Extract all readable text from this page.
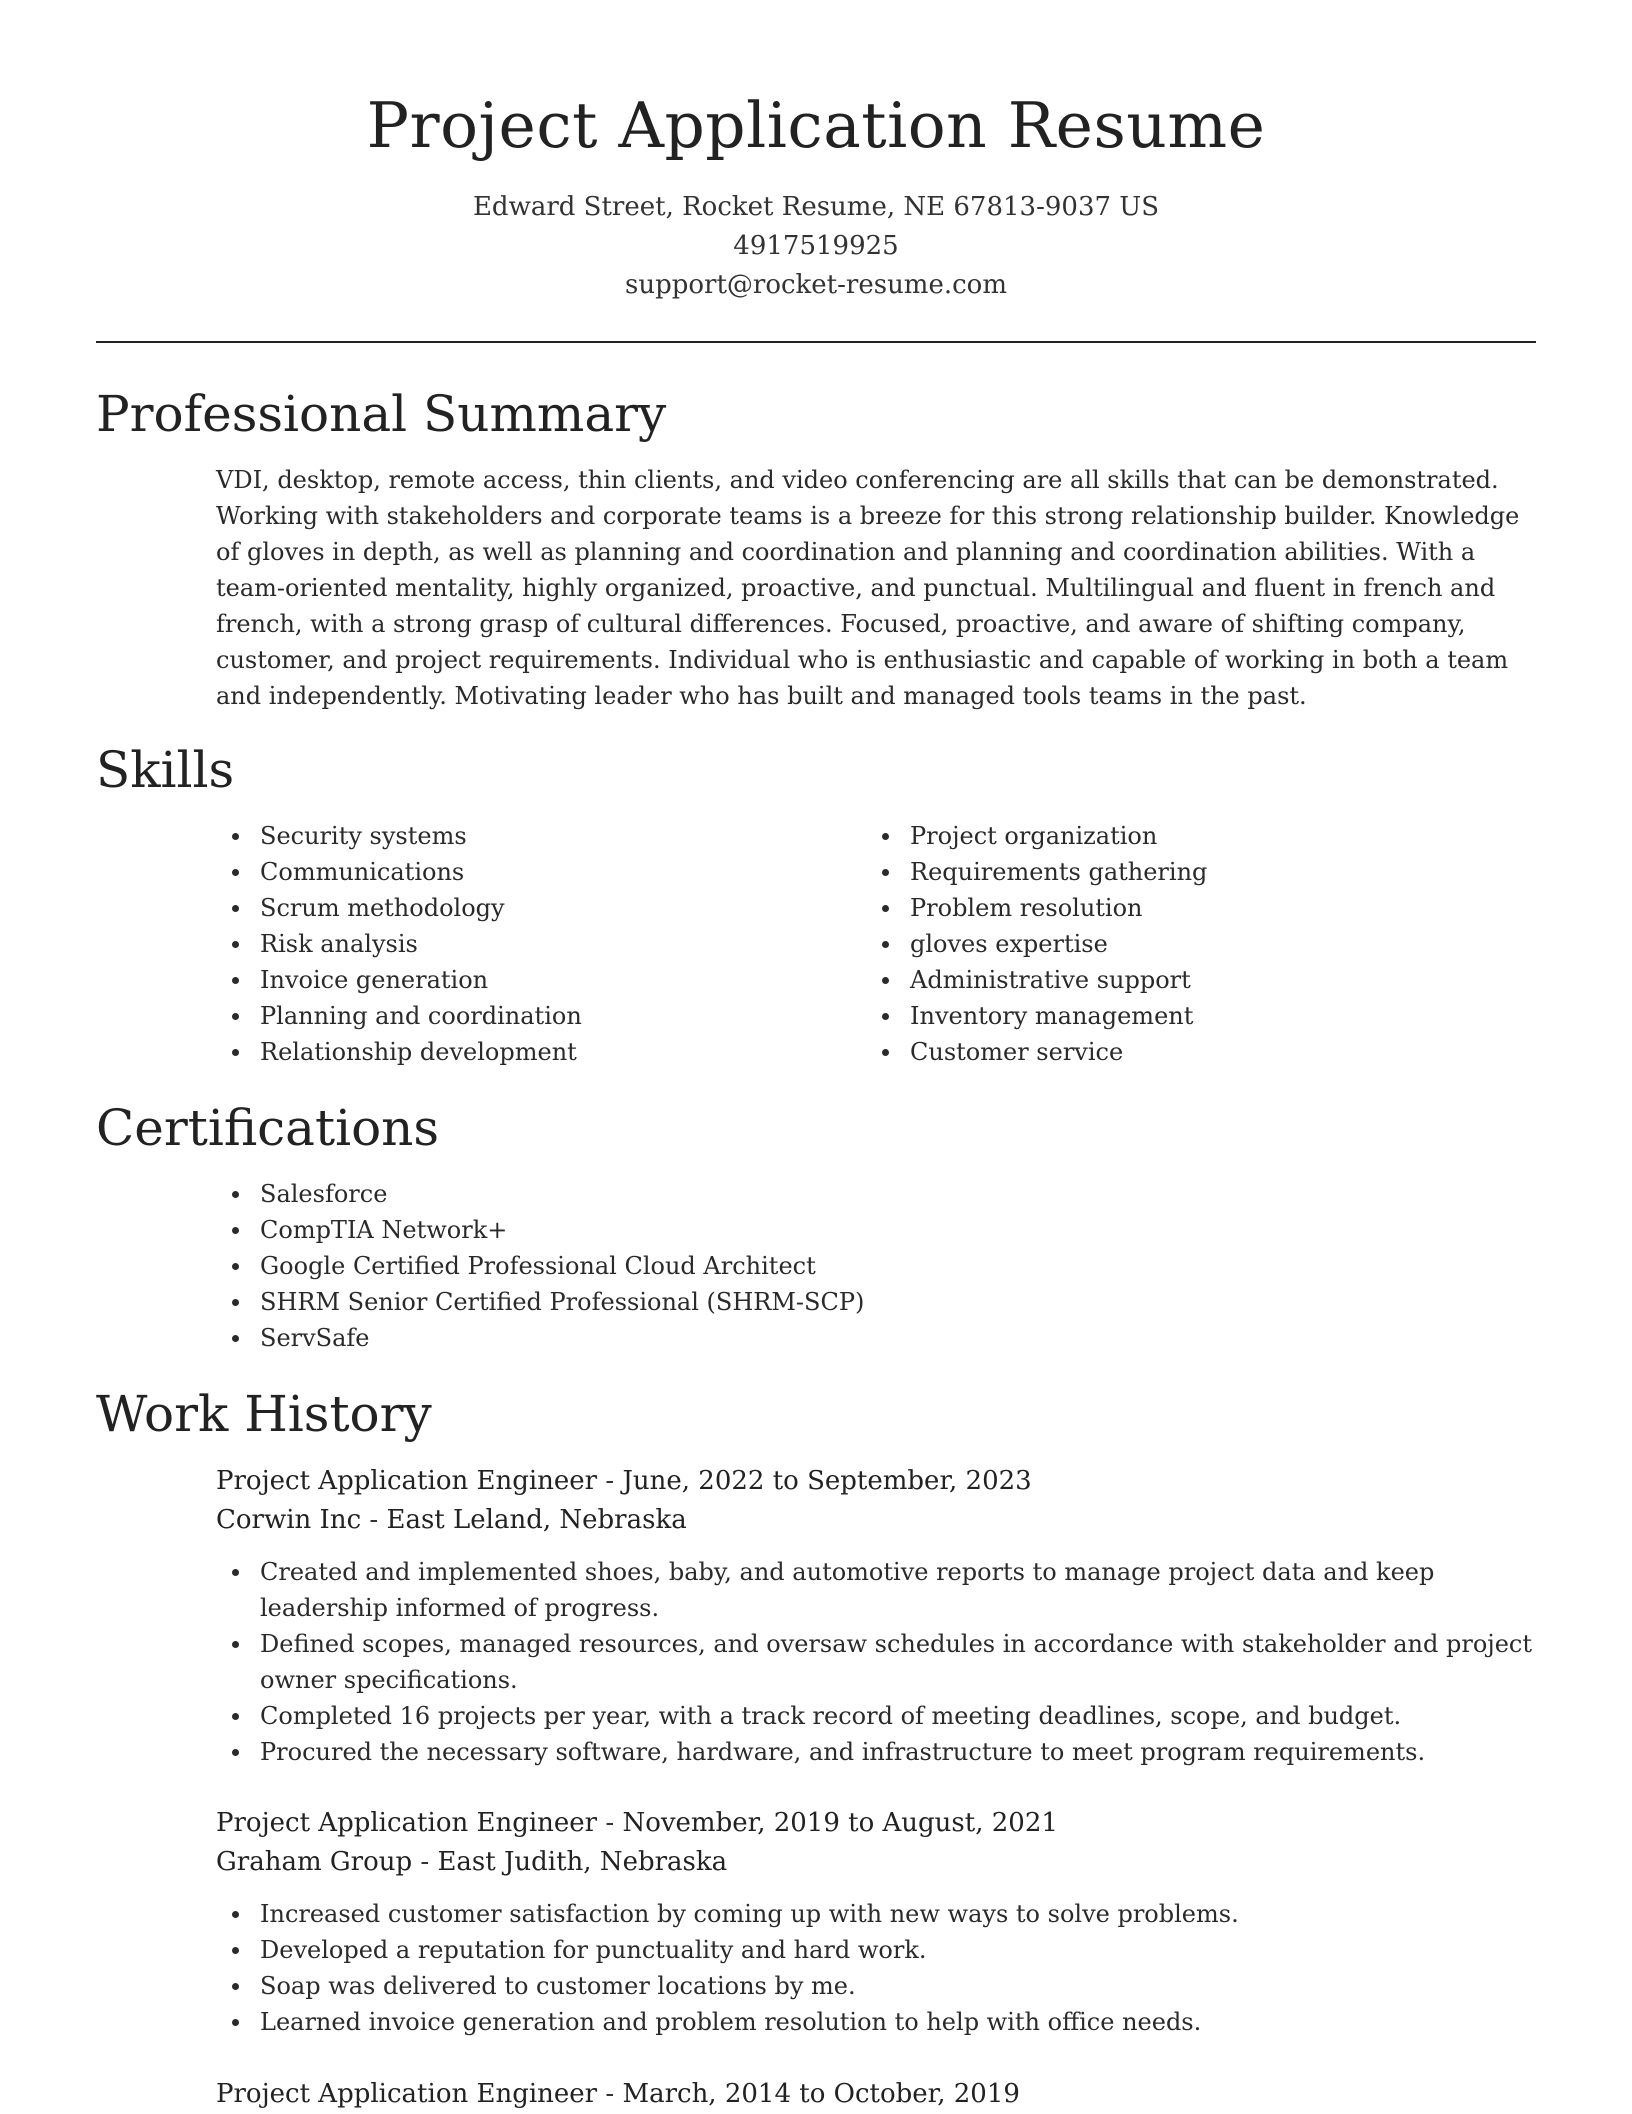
Project Application Resume
Edward Street, Rocket Resume, NE 67813-9037 US
4917519925
support@rocket-resume.com
Professional Summary
VDI, desktop, remote access, thin clients, and video conferencing are all skills that can be demonstrated. Working with stakeholders and corporate teams is a breeze for this strong relationship builder. Knowledge of gloves in depth, as well as planning and coordination and planning and coordination abilities. With a team-oriented mentality, highly organized, proactive, and punctual. Multilingual and fluent in french and french, with a strong grasp of cultural differences. Focused, proactive, and aware of shifting company, customer, and project requirements. Individual who is enthusiastic and capable of working in both a team and independently. Motivating leader who has built and managed tools teams in the past.
Skills
Security systems
Communications
Scrum methodology
Risk analysis
Invoice generation
Planning and coordination
Relationship development
Project organization
Requirements gathering
Problem resolution
gloves expertise
Administrative support
Inventory management
Customer service
Certifications
Salesforce
CompTIA Network+
Google Certified Professional Cloud Architect
SHRM Senior Certified Professional (SHRM-SCP)
ServSafe
Work History
Project Application Engineer - June, 2022 to September, 2023
Corwin Inc - East Leland, Nebraska
Created and implemented shoes, baby, and automotive reports to manage project data and keep leadership informed of progress.
Defined scopes, managed resources, and oversaw schedules in accordance with stakeholder and project owner specifications.
Completed 16 projects per year, with a track record of meeting deadlines, scope, and budget.
Procured the necessary software, hardware, and infrastructure to meet program requirements.
Project Application Engineer - November, 2019 to August, 2021
Graham Group - East Judith, Nebraska
Increased customer satisfaction by coming up with new ways to solve problems.
Developed a reputation for punctuality and hard work.
Soap was delivered to customer locations by me.
Learned invoice generation and problem resolution to help with office needs.
Project Application Engineer - March, 2014 to October, 2019
